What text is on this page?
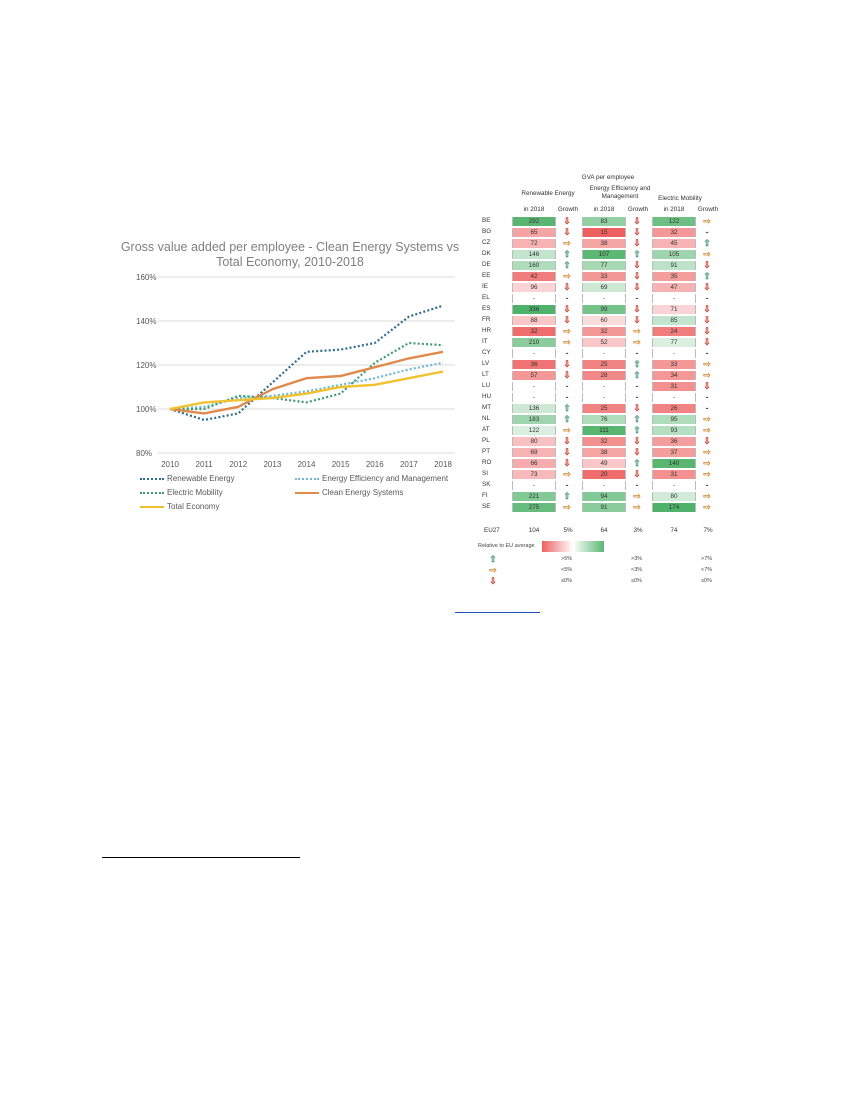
Gross value added per employee - Clean Energy Systems vs Total Economy, 2010-2018
80%
100%
120%
140%
160%
2010 2011 2012 2013 2014 2015 2016 2017 2018
Renewable Energy	Energy Efficiency and Management
Electric Mobility	Clean Energy Systems
Total Economy
GVA per employee
Renewable Energy
Energy Efficiency and Management	Electric Mobility
in 2018	Growth	in 2018	Growth	in 2018	Growth
BE	292	⇩	83	⇩	122	⇨
BG	65	⇩	15	⇩	32	-
CZ	72	⇨	38	⇩	45	⇧
DK	146	⇧	107	⇧	105	⇨
DE	160	⇧	77	⇩	91	⇩
EE	42	⇨	33	⇩	35	⇧
IE	96	⇩	69	⇩	47	⇩
EL	-	-	-	-	-	-
ES	336	⇩	99	⇩	71	⇩
FR	88	⇩	60	⇩	85	⇩
HR	32	⇨	32	⇨	24	⇩
IT	210	⇨	52	⇨	77	⇩
CY	-	-	-	-	-	-
LV	36	⇩	25	⇧	33	⇨
LT	57	⇩	28	⇧	34	⇨
LU	-	-	-	-	31	⇩
HU	-	-	-	-	-	-
MT	136	⇧	25	⇩	26	-
NL	183	⇧	76	⇧	95	⇨
AT	122	⇨	111	⇧	93	⇨
PL	80	⇩	32	⇩	36	⇩
PT	69	⇩	38	⇩	37	⇨
RO	66	⇩	49	⇧	140	⇨
SI	73	⇨	20	⇩	31	⇨
SK	-	-	-	-	-	-
FI	221	⇧	94	⇨	80	⇨
SE	275	⇨	91	⇨	174	⇨
EU27	104	5%	64	3%	74	7%
Relative to EU average
⇧	>5%	>3%	>7%
⇨	<5%	<3%	<7%
⇩	≤0%	≤0%	≤0%
